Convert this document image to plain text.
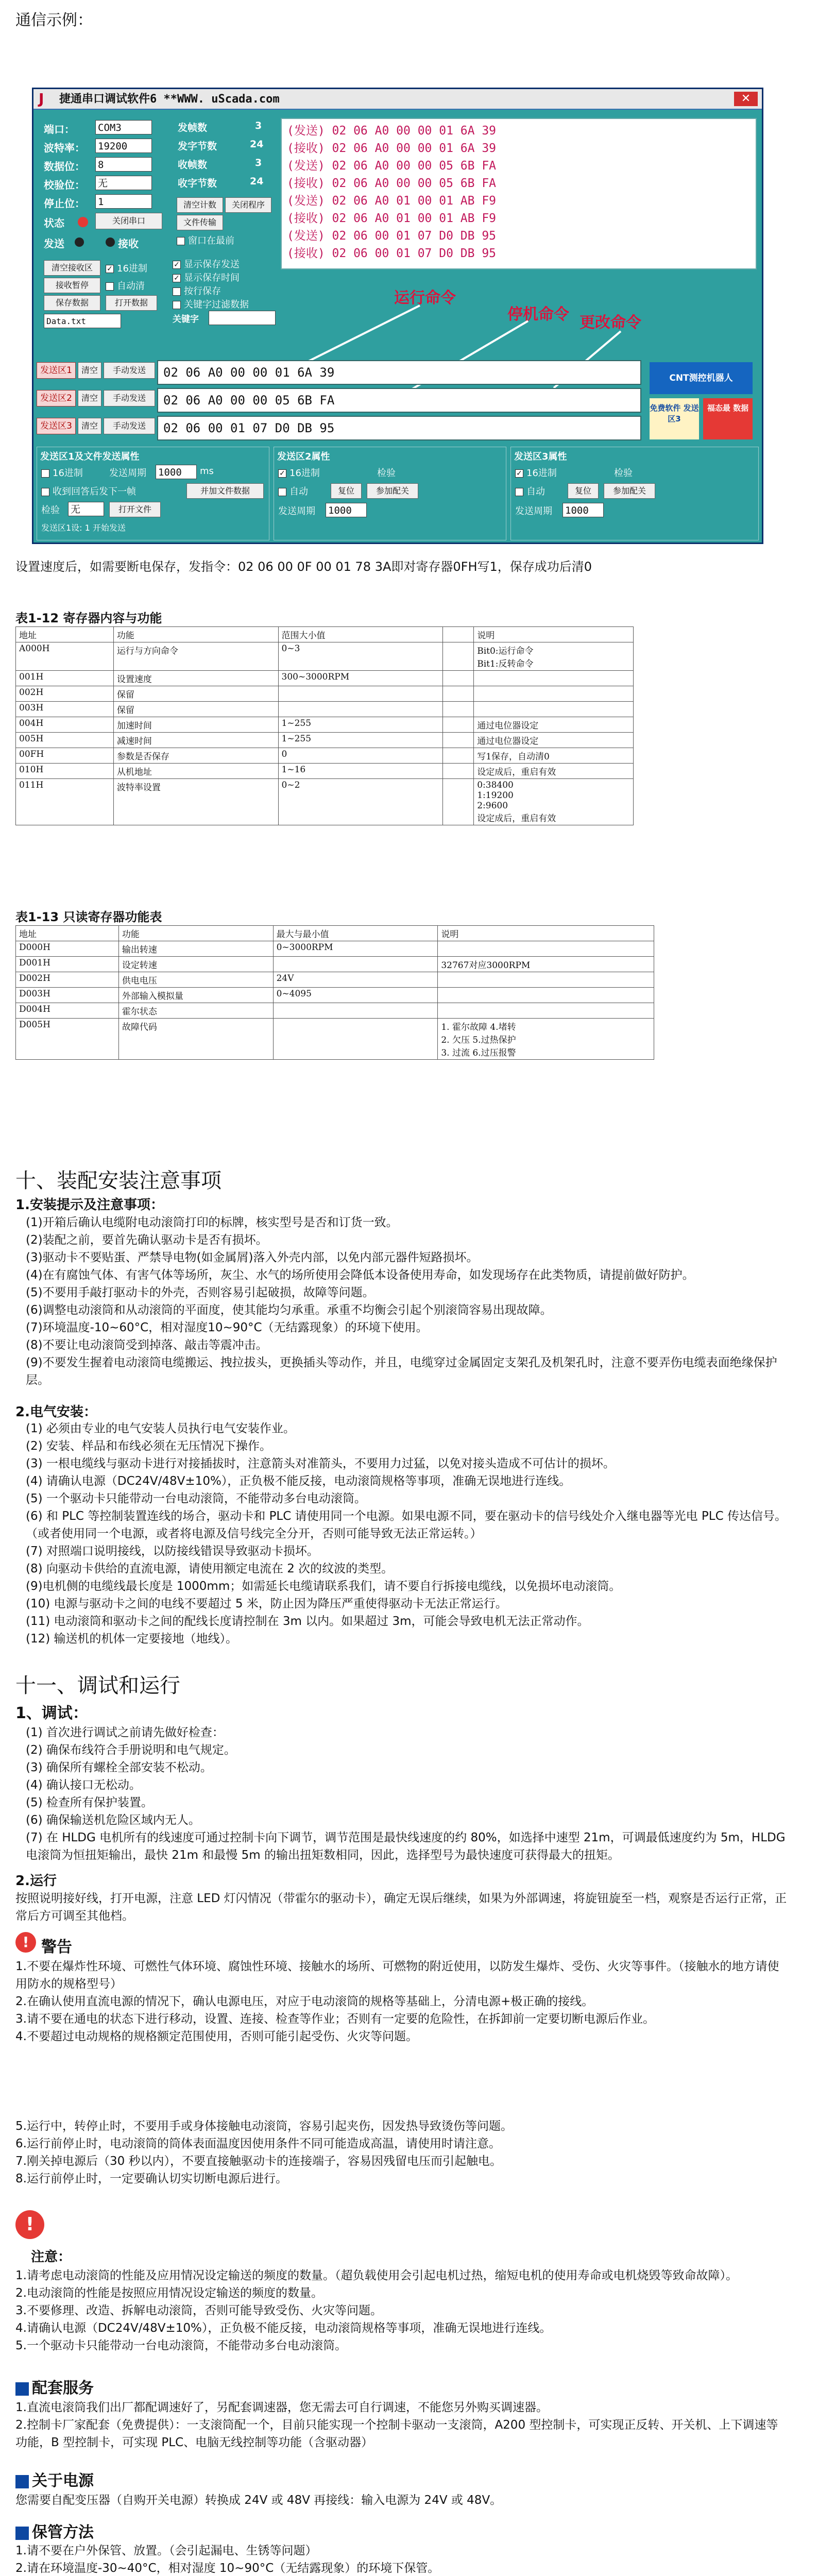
通信示例：
捷通串口调试软件6 **WWW. uScada.com
J	✕
端口： COM3
波特率： 19200
数据位： 8
校验位： 无
停止位： 1
状态	关闭串口
发送	接收
发帧数	3
发字节数	24
收帧数	3
收字节数	24
清空计数	关闭程序
文件传输
窗口在最前
(发送) 02 06 A0 00 00 01 6A 39
(接收) 02 06 A0 00 00 01 6A 39
(发送) 02 06 A0 00 00 05 6B FA
(接收) 02 06 A0 00 00 05 6B FA
(发送) 02 06 A0 01 00 01 AB F9
(接收) 02 06 A0 01 00 01 AB F9
(发送) 02 06 00 01 07 D0 DB 95
(接收) 02 06 00 01 07 D0 DB 95
清空接收区 ✓	16进制
接收暂停	自动清
保存数据	打开数据
Data.txt
✓显示保存发送
✓显示保存时间
按行保存
关键字过滤数据
关键字
运行命令
停机命令 更改命令
发送区1	清空	手动发送	02 06 A0 00 00 01 6A 39
发送区2	清空	手动发送	02 06 A0 00 00 05 6B FA
发送区3	清空	手动发送	02 06 00 01 07 D0 DB 95
CNT测控机器人
免费软件 发送区3
福态最 数据
发送区1及文件发送属性
16进制	发送周期 1000	ms
收到回答后发下一帧	并加文件数据
检验 无	打开文件
发送区1设: 1 开始发送
发送区2属性
✓16进制	检验
自动	复位	参加配关
发送周期 1000
发送区3属性
✓16进制	检验
自动	复位	参加配关
发送周期 1000
设置速度后，如需要断电保存，发指令：02 06 00 0F 00 01 78 3A即对寄存器0FH写1，保存成功后清0
表1-12 寄存器内容与功能
地址	功能	范围大小值		说明
A000H	运行与方向命令	0~3		Bit0:运行命令
Bit1:反转命令
001H	设置速度	300~3000RPM		
002H	保留			
003H	保留			
004H	加速时间	1~255		通过电位器设定
005H	减速时间	1~255		通过电位器设定
00FH	参数是否保存	0		写1保存，自动清0
010H	从机地址	1~16		设定成后，重启有效
011H	波特率设置	0~2		0:38400
1:19200
2:9600
设定成后，重启有效
表1-13 只读寄存器功能表
地址	功能	最大与最小值	说明
D000H	输出转速	0~3000RPM	
D001H	设定转速		32767对应3000RPM
D002H	供电电压	24V	
D003H	外部输入模拟量	0~4095	
D004H	霍尔状态		
D005H	故障代码		1. 霍尔故障 4.堵转
2. 欠压 5.过热保护
3. 过流 6.过压报警
十、装配安装注意事项
1.安装提示及注意事项：
(1)开箱后确认电缆附电动滚筒打印的标牌，核实型号是否和订货一致。
(2)装配之前，要首先确认驱动卡是否有损坏。
(3)驱动卡不要贴蛋、严禁导电物(如金属屑)落入外壳内部，以免内部元器件短路损坏。
(4)在有腐蚀气体、有害气体等场所，灰尘、水气的场所使用会降低本设备使用寿命，如发现场存在此类物质，请提前做好防护。
(5)不要用手敲打驱动卡的外壳，否则容易引起破损，故障等问题。
(6)调整电动滚筒和从动滚筒的平面度，使其能均匀承重。承重不均衡会引起个别滚筒容易出现故障。
(7)环境温度-10~60°C，相对湿度10~90°C（无结露现象）的环境下使用。
(8)不要让电动滚筒受到掉落、敲击等震冲击。
(9)不要发生握着电动滚筒电缆搬运、拽拉拔头，更换插头等动作，并且，电缆穿过金属固定支架孔及机架孔时，注意不要弄伤电缆表面绝缘保护层。
2.电气安装：
(1) 必须由专业的电气安装人员执行电气安装作业。
(2) 安装、样品和布线必须在无压情况下操作。
(3) 一根电缆线与驱动卡进行对接插拔时，注意箭头对准箭头，不要用力过猛，以免对接头造成不可估计的损坏。
(4) 请确认电源（DC24V/48V±10%），正负极不能反接，电动滚筒规格等事项，准确无误地进行连线。
(5) 一个驱动卡只能带动一台电动滚筒，不能带动多台电动滚筒。
(6) 和 PLC 等控制装置连线的场合，驱动卡和 PLC 请使用同一个电源。如果电源不同，要在驱动卡的信号线处介入继电器等光电 PLC 传达信号。（或者使用同一个电源，或者将电源及信号线完全分开，否则可能导致无法正常运转。）
(7) 对照端口说明接线，以防接线错误导致驱动卡损坏。
(8) 向驱动卡供给的直流电源，请使用额定电流在 2 次的纹波的类型。
(9)电机侧的电缆线最长度是 1000mm；如需延长电缆请联系我们，请不要自行拆接电缆线，以免损坏电动滚筒。
(10) 电源与驱动卡之间的电线不要超过 5 米，防止因为降压严重使得驱动卡无法正常运行。
(11) 电动滚筒和驱动卡之间的配线长度请控制在 3m 以内。如果超过 3m，可能会导致电机无法正常动作。
(12) 输送机的机体一定要接地（地线）。
十一、调试和运行
1、调试：
(1) 首次进行调试之前请先做好检查：
(2) 确保布线符合手册说明和电气规定。
(3) 确保所有螺栓全部安装不松动。
(4) 确认接口无松动。
(5) 检查所有保护装置。
(6) 确保输送机危险区域内无人。
(7) 在 HLDG 电机所有的线速度可通过控制卡向下调节，调节范围是最快线速度的约 80%，如选择中速型 21m，可调最低速度约为 5m，HLDG 电滚筒为恒扭矩输出，最快 21m 和最慢 5m 的输出扭矩数相同，因此，选择型号为最快速度可获得最大的扭矩。
2.运行
按照说明接好线，打开电源，注意 LED 灯闪情况（带霍尔的驱动卡），确定无误后继续，如果为外部调速，将旋钮旋至一档，观察是否运行正常，正常后方可调至其他档。
! 警告
1.不要在爆炸性环境、可燃性气体环境、腐蚀性环境、接触水的场所、可燃物的附近使用，以防发生爆炸、受伤、火灾等事件。（接触水的地方请使用防水的规格型号）
2.在确认使用直流电源的情况下，确认电源电压，对应于电动滚筒的规格等基础上，分清电源+极正确的接线。
3.请不要在通电的状态下进行移动，设置、连接、检查等作业；否则有一定要的危险性，在拆卸前一定要切断电源后作业。
4.不要超过电动规格的规格额定范围使用，否则可能引起受伤、火灾等问题。
5.运行中，转停止时，不要用手或身体接触电动滚筒，容易引起夹伤，因发热导致烫伤等问题。
6.运行前停止时，电动滚筒的筒体表面温度因使用条件不同可能造成高温，请使用时请注意。
7.刚关掉电源后（30 秒以内），不要直接触驱动卡的连接端子，容易因残留电压而引起触电。
8.运行前停止时，一定要确认切实切断电源后进行。
!
注意：
1.请考虑电动滚筒的性能及应用情况设定输送的频度的数量。（超负载使用会引起电机过热，缩短电机的使用寿命或电机烧毁等致命故障）。
2.电动滚筒的性能是按照应用情况设定输送的频度的数量。
3.不要修理、改造、拆解电动滚筒，否则可能导致受伤、火灾等问题。
4.请确认电源（DC24V/48V±10%），正负极不能反接，电动滚筒规格等事项，准确无误地进行连线。
5.一个驱动卡只能带动一台电动滚筒，不能带动多台电动滚筒。
配套服务
1.直流电滚筒我们出厂都配调速好了，另配套调速器，您无需去可自行调速，不能您另外购买调速器。
2.控制卡厂家配套（免费提供）：一支滚筒配一个，目前只能实现一个控制卡驱动一支滚筒，A200 型控制卡，可实现正反转、开关机、上下调速等功能，B 型控制卡，可实现 PLC、电脑无线控制等功能（含驱动器）
关于电源
您需要自配变压器（自购开关电源）转换成 24V 或 48V 再接线：输入电源为 24V 或 48V。
保管方法
1.请不要在户外保管、放置。（会引起漏电、生锈等问题）
2.请在环境温度-30~40°C，相对湿度 10~90°C（无结露现象）的环境下保管。
